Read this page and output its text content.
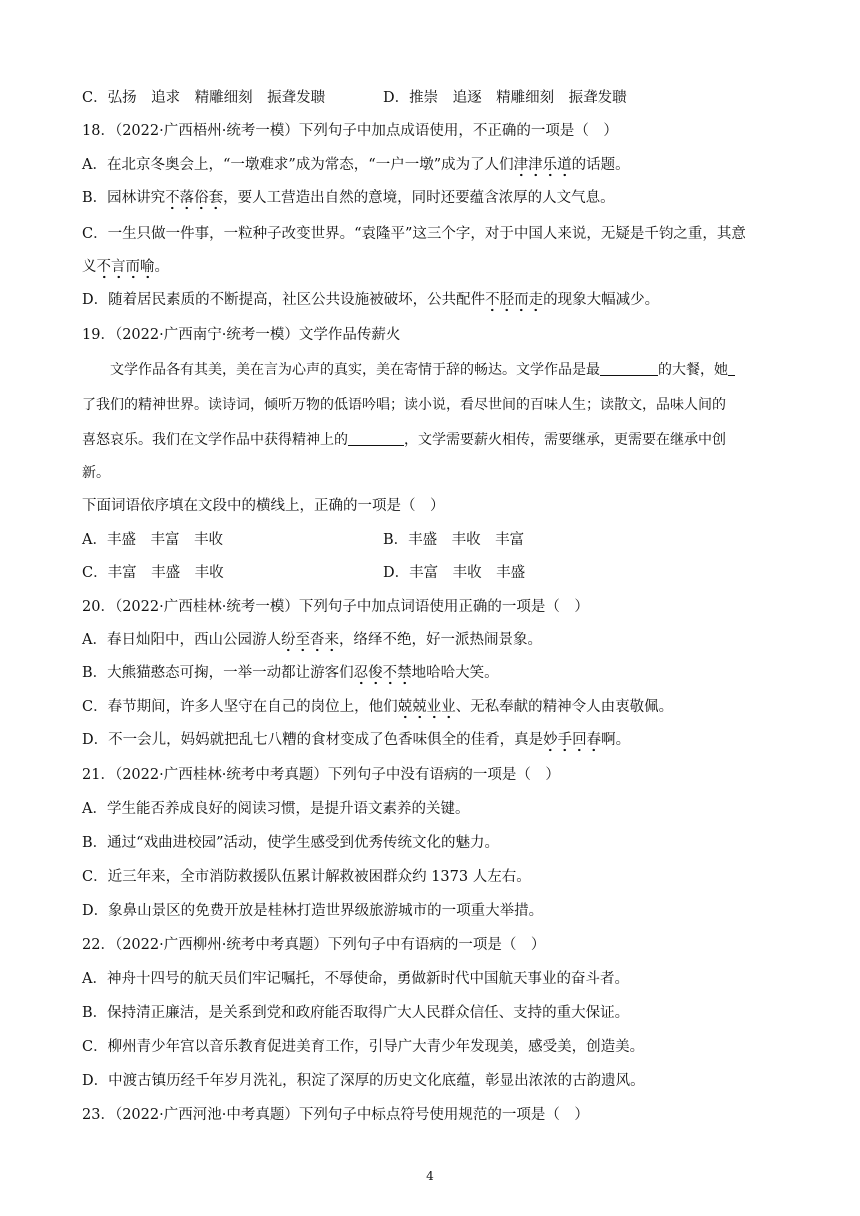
C．弘扬　追求　精雕细刻　振聋发聩	D．推崇　追逐　精雕细刻　振聋发聩
18．（2022·广西梧州·统考一模）下列句子中加点成语使用，不正确的一项是（　）
A．在北京冬奥会上，“一墩难求”成为常态，“一户一墩”成为了人们津津乐道的话题。
B．园林讲究不落俗套，要人工营造出自然的意境，同时还要蕴含浓厚的人文气息。
C．一生只做一件事，一粒种子改变世界。“袁隆平”这三个字，对于中国人来说，无疑是千钧之重，其意
义不言而喻。
D．随着居民素质的不断提高，社区公共设施被破坏，公共配件不胫而走的现象大幅减少。
19．（2022·广西南宁·统考一模）文学作品传薪火
文学作品各有其美，美在言为心声的真实，美在寄情于辞的畅达。文学作品是最	的大餐，她
了我们的精神世界。读诗词，倾听万物的低语吟唱；读小说，看尽世间的百味人生；读散文，品味人间的
喜怒哀乐。我们在文学作品中获得精神上的	，文学需要薪火相传，需要继承，更需要在继承中创
新。
下面词语依序填在文段中的横线上，正确的一项是（　）
A．丰盛　丰富　丰收	B．丰盛　丰收　丰富
C．丰富　丰盛　丰收	D．丰富　丰收　丰盛
20．（2022·广西桂林·统考一模）下列句子中加点词语使用正确的一项是（　）
A．春日灿阳中，西山公园游人纷至沓来，络绎不绝，好一派热闹景象。
B．大熊猫憨态可掬，一举一动都让游客们忍俊不禁地哈哈大笑。
C．春节期间，许多人坚守在自己的岗位上，他们兢兢业业、无私奉献的精神令人由衷敬佩。
D．不一会儿，妈妈就把乱七八糟的食材变成了色香味俱全的佳肴，真是妙手回春啊。
21．（2022·广西桂林·统考中考真题）下列句子中没有语病的一项是（　）
A．学生能否养成良好的阅读习惯，是提升语文素养的关键。
B．通过“戏曲进校园”活动，使学生感受到优秀传统文化的魅力。
C．近三年来，全市消防救援队伍累计解救被困群众约 1373 人左右。
D．象鼻山景区的免费开放是桂林打造世界级旅游城市的一项重大举措。
22．（2022·广西柳州·统考中考真题）下列句子中有语病的一项是（　）
A．神舟十四号的航天员们牢记嘱托，不辱使命，勇做新时代中国航天事业的奋斗者。
B．保持清正廉洁，是关系到党和政府能否取得广大人民群众信任、支持的重大保证。
C．柳州青少年宫以音乐教育促进美育工作，引导广大青少年发现美，感受美，创造美。
D．中渡古镇历经千年岁月洗礼，积淀了深厚的历史文化底蕴，彰显出浓浓的古韵遗风。
23．（2022·广西河池·中考真题）下列句子中标点符号使用规范的一项是（　）
4
